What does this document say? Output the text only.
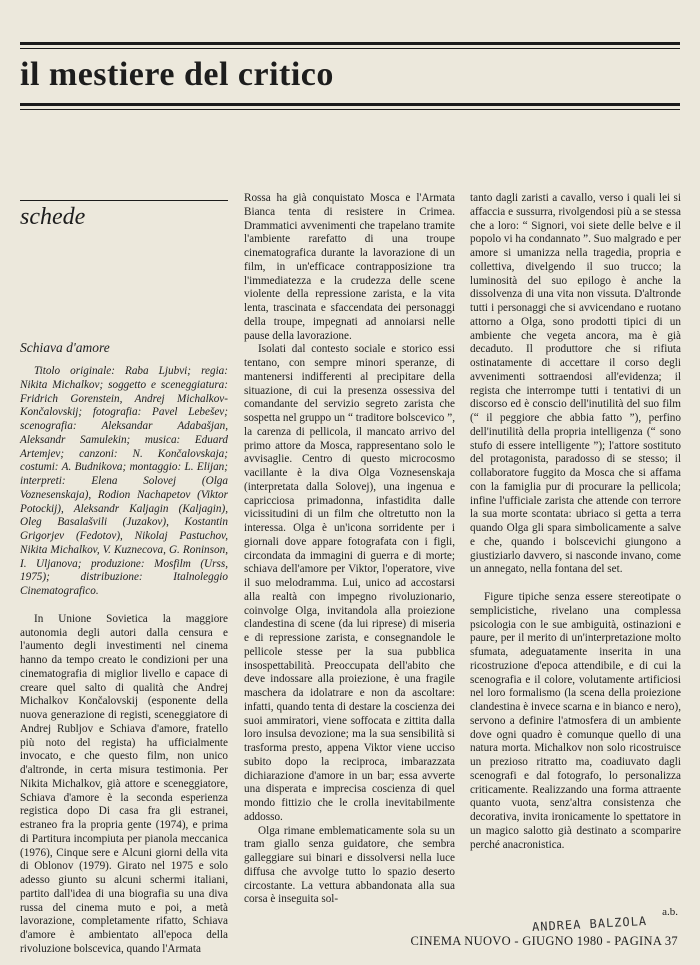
il mestiere del critico
schede
Schiava d'amore

Titolo originale: Raba Ljubvi; regia: Nikita Michalkov; soggetto e sceneggiatura: Fridrich Gorenstein, Andrej Michalkov-Končalovskij; fotografia: Pavel Lebešev; scenografia: Aleksandar Adabašjan, Aleksandr Samulekin; musica: Eduard Artemjev; canzoni: N. Končalovskaja; costumi: A. Budnikova; montaggio: L. Elijan; interpreti: Elena Solovej (Olga Voznesenskaja), Rodion Nachapetov (Viktor Potockij), Aleksandr Kaljagin (Kaljagin), Oleg Basalašvili (Juzakov), Kostantin Grigorjev (Fedotov), Nikolaj Pastuchov, Nikita Michalkov, V. Kuznecova, G. Roninson, I. Uljanova; produzione: Mosfilm (Urss, 1975); distribuzione: Italnoleggio Cinematografico.

In Unione Sovietica la maggiore autonomia degli autori dalla censura e l'aumento degli investimenti nel cinema hanno da tempo creato le condizioni per una cinematografia di miglior livello e capace di creare quel salto di qualità che Andrej Michalkov Končalovskij (esponente della nuova generazione di registi, sceneggiatore di Andrej Rubljov e Schiava d'amore, fratello più noto del regista) ha ufficialmente invocato, e che questo film, non unico d'altronde, in certa misura testimonia. Per Nikita Michalkov, già attore e sceneggiatore, Schiava d'amore è la seconda esperienza registica dopo Di casa fra gli estranei, estraneo fra la propria gente (1974), e prima di Partitura incompiuta per pianola meccanica (1976), Cinque sere e Alcuni giorni della vita di Oblonov (1979). Girato nel 1975 e solo adesso giunto su alcuni schermi italiani, partito dall'idea di una biografia su una diva russa del cinema muto e poi, a metà lavorazione, completamente rifatto, Schiava d'amore è ambientato all'epoca della rivoluzione bolscevica, quando l'Armata

Rossa ha già conquistato Mosca e l'Armata Bianca tenta di resistere in Crimea. Drammatici avvenimenti che trapelano tramite l'ambiente rarefatto di una troupe cinematografica durante la lavorazione di un film, in un'efficace contrapposizione tra l'immediatezza e la crudezza delle scene violente della repressione zarista, e la vita lenta, trascinata e sfaccendata dei personaggi della troupe, impegnati ad annoiarsi nelle pause della lavorazione.

Isolati dal contesto sociale e storico essi tentano, con sempre minori speranze, di mantenersi indifferenti al precipitare della situazione, di cui la presenza ossessiva del comandante del servizio segreto zarista che sospetta nel gruppo un “ traditore bolscevico ”, la carenza di pellicola, il mancato arrivo del primo attore da Mosca, rappresentano solo le avvisaglie. Centro di questo microcosmo vacillante è la diva Olga Voznesenskaja (interpretata dalla Solovej), una ingenua e capricciosa primadonna, infastidita dalle vicissitudini di un film che oltretutto non la interessa. Olga è un'icona sorridente per i giornali dove appare fotografata con i figli, circondata da immagini di guerra e di morte; schiava dell'amore per Viktor, l'operatore, vive il suo melodramma. Lui, unico ad accostarsi alla realtà con impegno rivoluzionario, coinvolge Olga, invitandola alla proiezione clandestina di scene (da lui riprese) di miseria e di repressione zarista, e consegnandole le pellicole stesse per la sua pubblica insospettabilità. Preoccupata dell'abito che deve indossare alla proiezione, è una fragile maschera da idolatrare e non da ascoltare: infatti, quando tenta di destare la coscienza dei suoi ammiratori, viene soffocata e zittita dalla loro insulsa devozione; ma la sua sensibilità si trasforma presto, appena Viktor viene ucciso subito dopo la reciproca, imbarazzata dichiarazione d'amore in un bar; essa avverte una disperata e imprecisa coscienza di quel mondo fittizio che le crolla inevitabilmente addosso.

Olga rimane emblematicamente sola su un tram giallo senza guidatore, che sembra galleggiare sui binari e dissolversi nella luce diffusa che avvolge tutto lo spazio deserto circostante. La vettura abbandonata alla sua corsa è inseguita sol-

tanto dagli zaristi a cavallo, verso i quali lei si affaccia e sussurra, rivolgendosi più a se stessa che a loro: “ Signori, voi siete delle belve e il popolo vi ha condannato ”. Suo malgrado e per amore si umanizza nella tragedia, propria e collettiva, divelgendo il suo trucco; la luminosità del suo epilogo è anche la dissolvenza di una vita non vissuta. D'altronde tutti i personaggi che si avvicendano e ruotano attorno a Olga, sono prodotti tipici di un ambiente che vegeta ancora, ma è già decaduto. Il produttore che si rifiuta ostinatamente di accettare il corso degli avvenimenti sottraendosi all'evidenza; il regista che interrompe tutti i tentativi di un discorso ed è conscio dell'inutilità del suo film (“ il peggiore che abbia fatto ”), perfino dell'inutilità della propria intelligenza (“ sono stufo di essere intelligente ”); l'attore sostituto del protagonista, paradosso di se stesso; il collaboratore fuggito da Mosca che si affama con la famiglia pur di procurare la pellicola; infine l'ufficiale zarista che attende con terrore la sua morte scontata: ubriaco si getta a terra quando Olga gli spara simbolicamente a salve e che, quando i bolscevichi giungono a giustiziarlo davvero, si nasconde invano, come un annegato, nella fontana del set.

Figure tipiche senza essere stereotipate o semplicistiche, rivelano una complessa psicologia con le sue ambiguità, ostinazioni e paure, per il merito di un'interpretazione molto sfumata, adeguatamente inserita in una ricostruzione d'epoca attendibile, e di cui la scenografia e il colore, volutamente artificiosi nel loro formalismo (la scena della proiezione clandestina è invece scarna e in bianco e nero), servono a definire l'atmosfera di un ambiente dove ogni quadro è comunque quello di una natura morta. Michalkov non solo ricostruisce un prezioso ritratto ma, coadiuvato dagli scenografi e dal fotografo, lo personalizza criticamente. Realizzando una forma attraente quanto vuota, senz'altra consistenza che decorativa, invita ironicamente lo spettatore in un magico salotto già destinato a scomparire perché anacronistica.

a.b.
ANDREA BALZOLA
CINEMA NUOVO - GIUGNO 1980 - PAGINA 37
